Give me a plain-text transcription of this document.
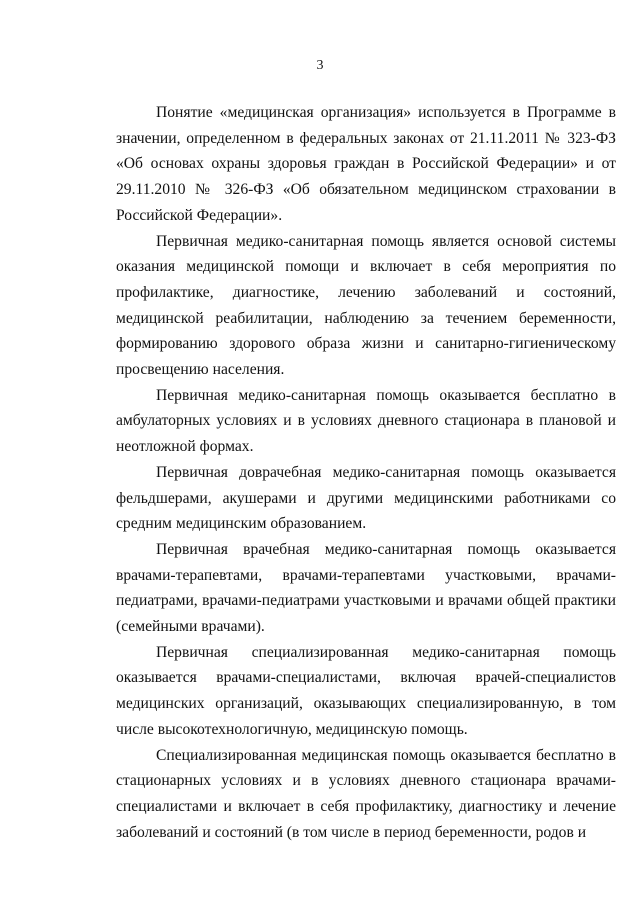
3

Понятие «медицинская организация» используется в Программе в значении, определенном в федеральных законах от 21.11.2011 № 323-ФЗ «Об основах охраны здоровья граждан в Российской Федерации» и от 29.11.2010 № 326-ФЗ «Об обязательном медицинском страховании в Российской Федерации».

Первичная медико-санитарная помощь является основой системы оказания медицинской помощи и включает в себя мероприятия по профилактике, диагностике, лечению заболеваний и состояний, медицинской реабилитации, наблюдению за течением беременности, формированию здорового образа жизни и санитарно-гигиеническому просвещению населения.

Первичная медико-санитарная помощь оказывается бесплатно в амбулаторных условиях и в условиях дневного стационара в плановой и неотложной формах.

Первичная доврачебная медико-санитарная помощь оказывается фельдшерами, акушерами и другими медицинскими работниками со средним медицинским образованием.

Первичная врачебная медико-санитарная помощь оказывается врачами-терапевтами, врачами-терапевтами участковыми, врачами-педиатрами, врачами-педиатрами участковыми и врачами общей практики (семейными врачами).

Первичная специализированная медико-санитарная помощь оказывается врачами-специалистами, включая врачей-специалистов медицинских организаций, оказывающих специализированную, в том числе высокотехнологичную, медицинскую помощь.

Специализированная медицинская помощь оказывается бесплатно в стационарных условиях и в условиях дневного стационара врачами-специалистами и включает в себя профилактику, диагностику и лечение заболеваний и состояний (в том числе в период беременности, родов и
